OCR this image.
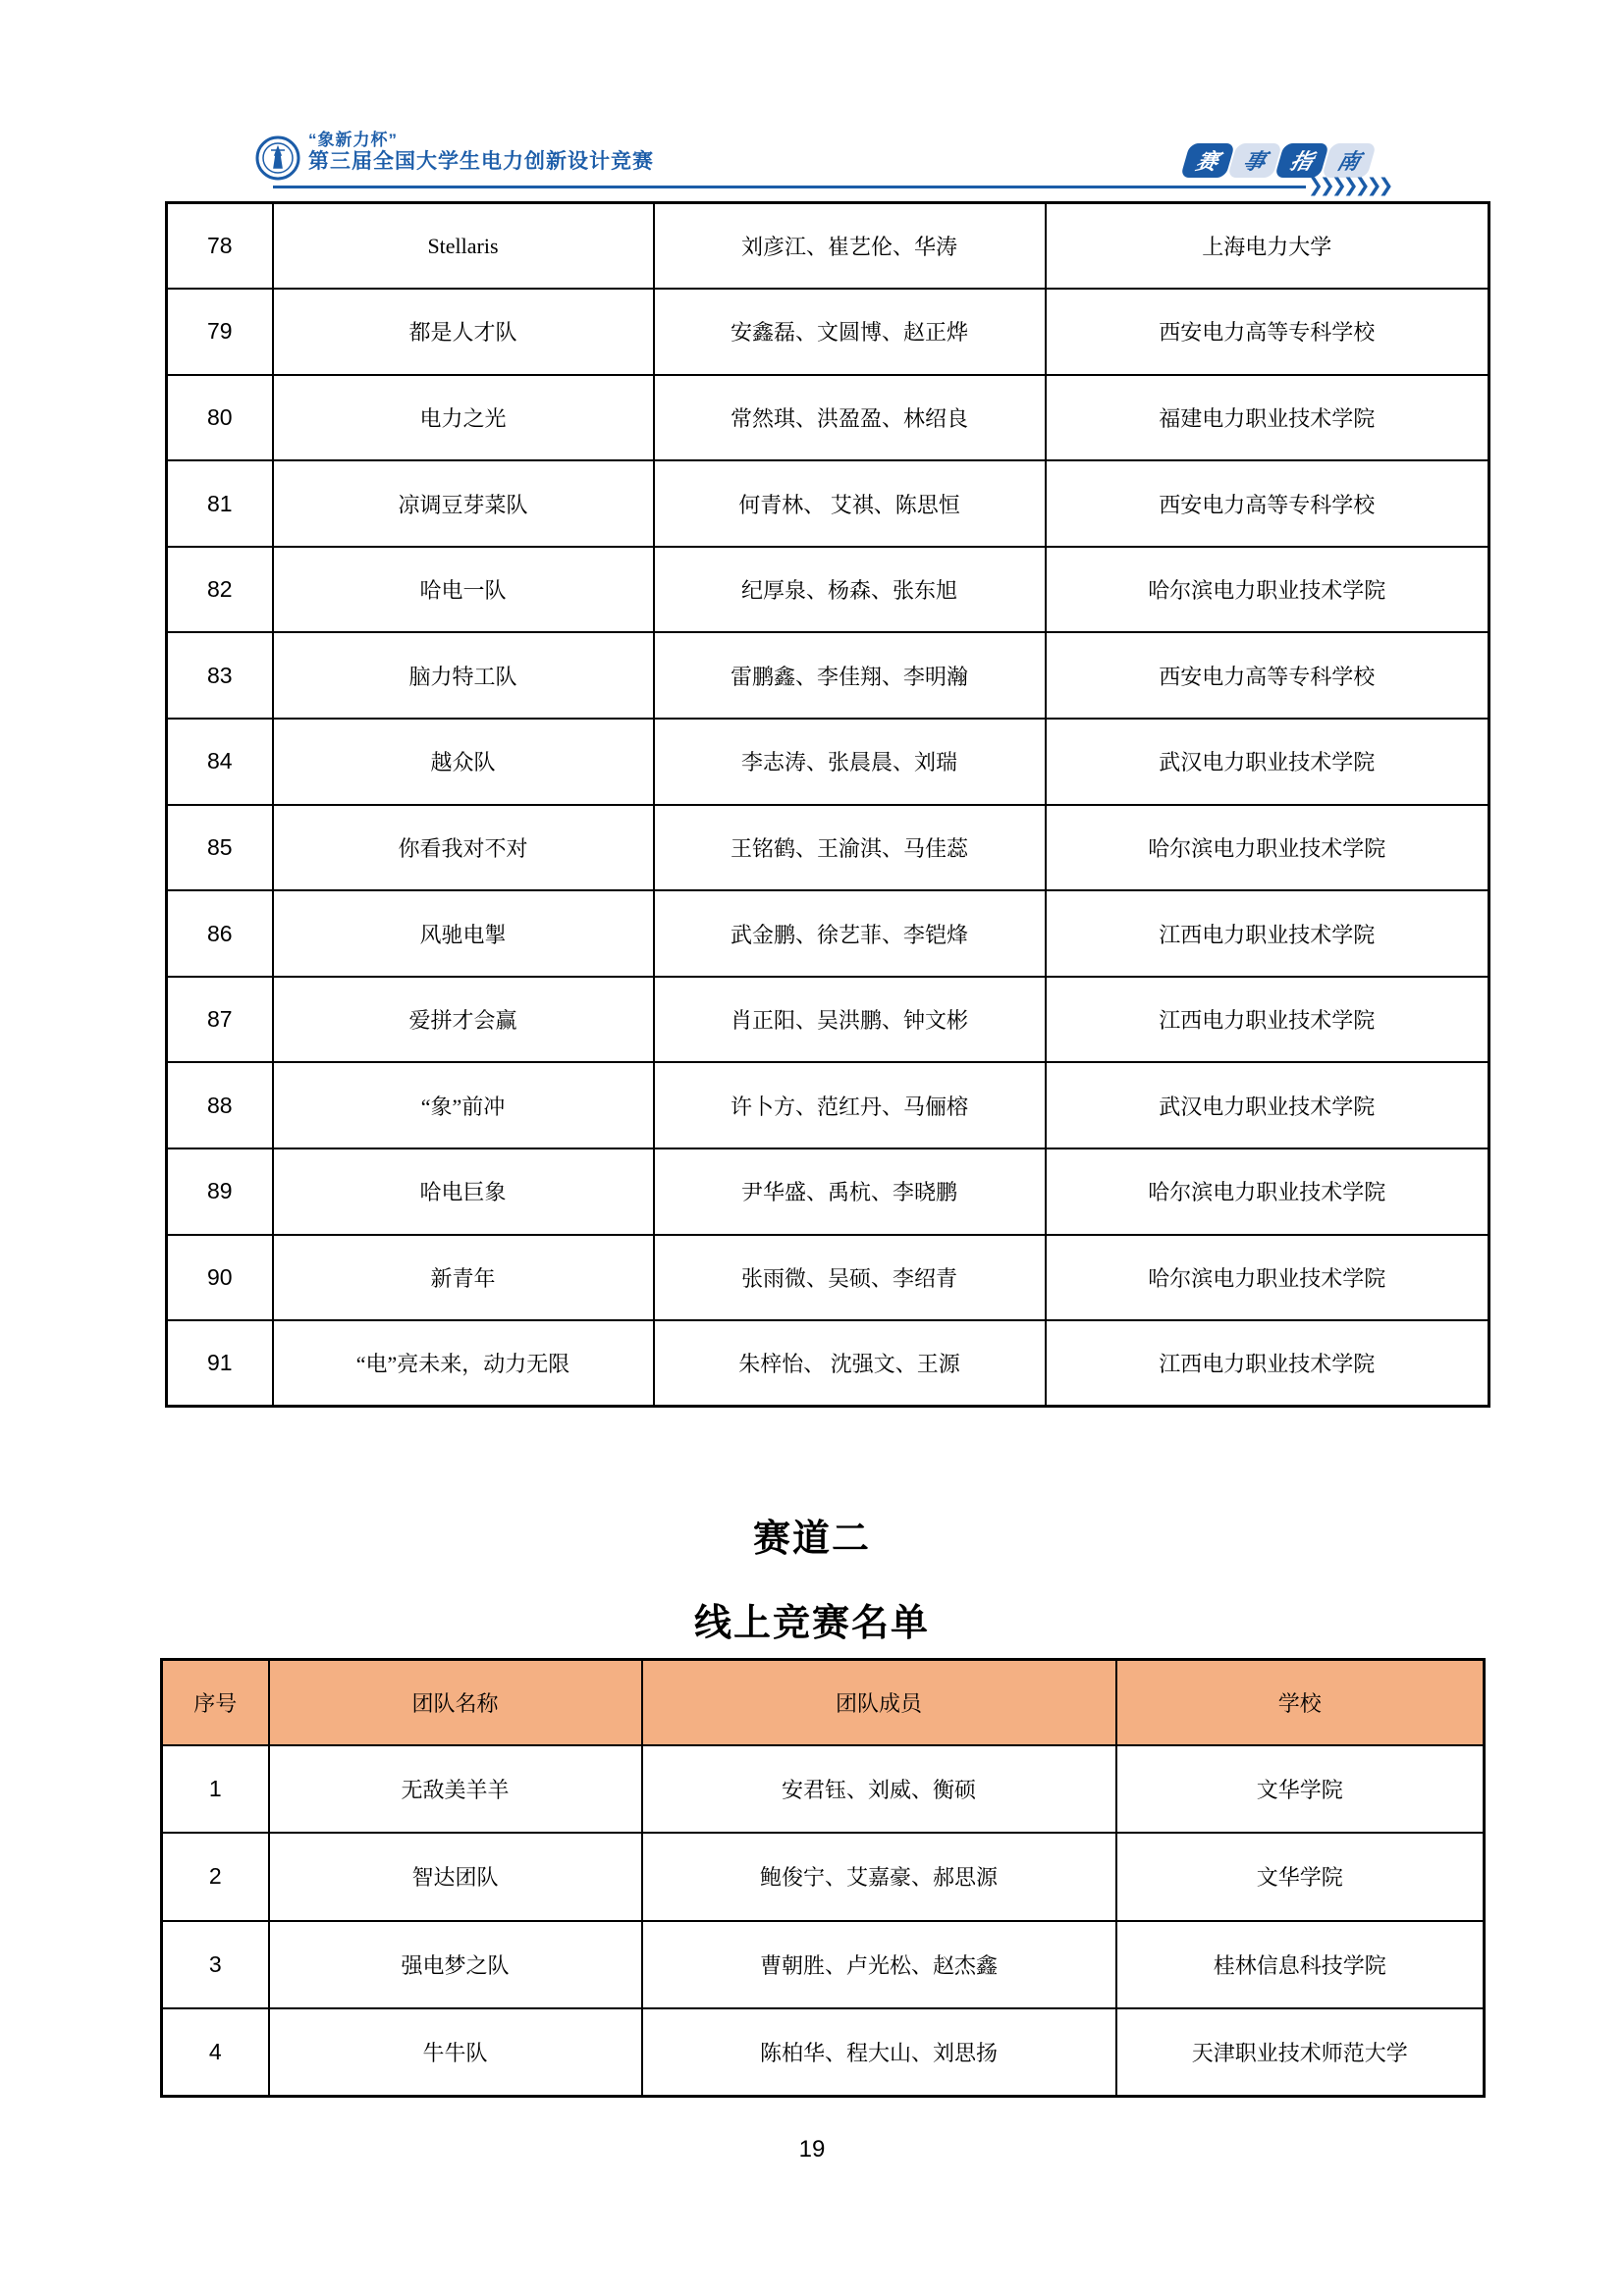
“象新力杯”
第三届全国大学生电力创新设计竞赛	赛 事 指 南
❯❯❯❯❯❯❯
78	Stellaris	刘彦江、崔艺伦、华涛	上海电力大学
79	都是人才队	安鑫磊、文圆博、赵正烨	西安电力高等专科学校
80	电力之光	常然琪、洪盈盈、林绍良	福建电力职业技术学院
81	凉调豆芽菜队	何青林、 艾祺、陈思恒	西安电力高等专科学校
82	哈电一队	纪厚泉、杨森、张东旭	哈尔滨电力职业技术学院
83	脑力特工队	雷鹏鑫、李佳翔、李明瀚	西安电力高等专科学校
84	越众队	李志涛、张晨晨、刘瑞	武汉电力职业技术学院
85	你看我对不对	王铭鹤、王渝淇、马佳蕊	哈尔滨电力职业技术学院
86	风驰电掣	武金鹏、徐艺菲、李铠烽	江西电力职业技术学院
87	爱拼才会赢	肖正阳、吴洪鹏、钟文彬	江西电力职业技术学院
88	“象”前冲	许卜方、范红丹、马俪榕	武汉电力职业技术学院
89	哈电巨象	尹华盛、禹杭、李晓鹏	哈尔滨电力职业技术学院
90	新青年	张雨微、吴硕、李绍青	哈尔滨电力职业技术学院
91	“电”亮未来，动力无限	朱梓怡、 沈强文、王源	江西电力职业技术学院
赛道二
线上竞赛名单
序号	团队名称	团队成员	学校
1	无敌美羊羊	安君钰、刘威、衡硕	文华学院
2	智达团队	鲍俊宁、艾嘉豪、郝思源	文华学院
3	强电梦之队	曹朝胜、卢光松、赵杰鑫	桂林信息科技学院
4	牛牛队	陈柏华、程大山、刘思扬	天津职业技术师范大学
19
